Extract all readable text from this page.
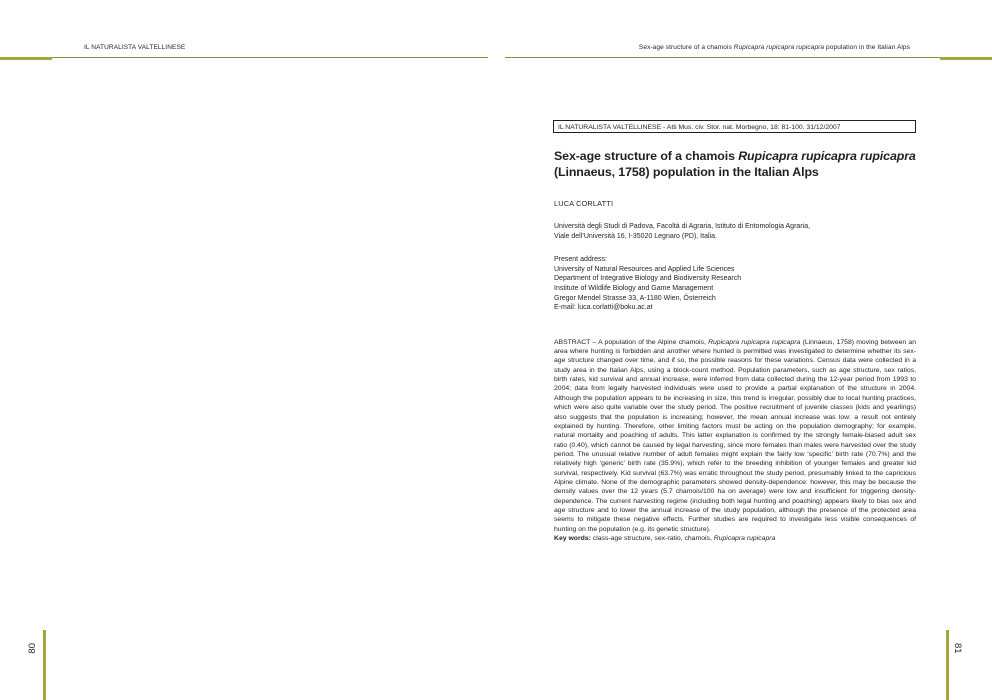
IL NATURALISTA VALTELLINESE	Sex-age structure of a chamois Rupicapra rupicapra rupicapra population in the Italian Alps
80	81
IL NATURALISTA VALTELLINESE - Atti Mus. civ. Stor. nat. Morbegno, 18: 81-100. 31/12/2007
Sex-age structure of a chamois Rupicapra rupicapra rupicapra (Linnaeus, 1758) population in the Italian Alps
LUCA CORLATTI
Università degli Studi di Padova, Facoltà di Agraria, Istituto di Entomologia Agraria,
Viale dell’Università 16, I-35020 Legnaro (PD), Italia.
Present address:
University of Natural Resources and Applied Life Sciences
Department of Integrative Biology and Biodiversity Research
Institute of Wildlife Biology and Game Management
Gregor Mendel Strasse 33, A-1180 Wien, Österreich
E-mail: luca.corlatti@boku.ac.at
ABSTRACT – A population of the Alpine chamois, Rupicapra rupicapra rupicapra (Linnaeus, 1758) moving between an area where hunting is forbidden and another where hunted is permitted was investigated to determine whether its sex-age structure changed over time, and if so, the possible reasons for these variations. Census data were collected in a study area in the Italian Alps, using a block-count method. Population parameters, such as age structure, sex ratios, birth rates, kid survival and annual increase, were inferred from data collected during the 12-year period from 1993 to 2004; data from legally harvested individuals were used to provide a partial explanation of the structure in 2004. Although the population appears to be increasing in size, this trend is irregular, possibly due to local hunting practices, which were also quite variable over the study period. The positive recruitment of juvenile classes (kids and yearlings) also suggests that the population is increasing; however, the mean annual increase was low: a result not entirely explained by hunting. Therefore, other limiting factors must be acting on the population demography; for example, natural mortality and poaching of adults. This latter explanation is confirmed by the strongly female-biased adult sex ratio (0.40), which cannot be caused by legal harvesting, since more females than males were harvested over the study period. The unusual relative number of adult females might explain the fairly low ‘specific’ birth rate (70.7%) and the relatively high ‘generic’ birth rate (35.9%), which refer to the breeding inhibition of younger females and greater kid survival, respectively. Kid survival (63.7%) was erratic throughout the study period, presumably linked to the capricious Alpine climate. None of the demographic parameters showed density-dependence: however, this may be because the density values over the 12 years (5.7 chamois/100 ha on average) were low and insufficient for triggering density-dependence. The current harvesting regime (including both legal hunting and poaching) appears likely to bias sex and age structure and to lower the annual increase of the study population, although the presence of the protected area seems to mitigate these negative effects. Further studies are required to investigate less visible consequences of hunting on the population (e.g. its genetic structure).
Key words: class-age structure, sex-ratio, chamois, Rupicapra rupicapra
